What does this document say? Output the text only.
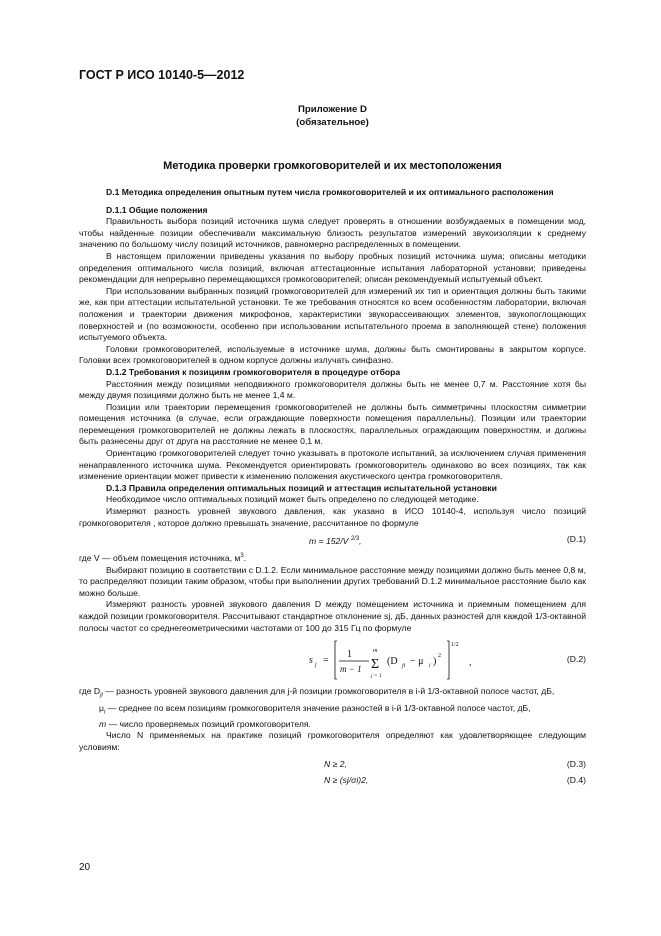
ГОСТ Р ИСО 10140-5—2012
Приложение D
(обязательное)
Методика проверки громкоговорителей и их местоположения

D.1 Методика определения опытным путем числа громкоговорителей и их оптимального расположения

D.1.1 Общие положения

Правильность выбора позиций источника шума следует проверять в отношении возбуждаемых в помещении мод, чтобы найденные позиции обеспечивали максимальную близость результатов измерений звукоизоляции к среднему значению по большому числу позиций источников, равномерно распределенных в помещении.

В настоящем приложении приведены указания по выбору пробных позиций источника шума; описаны методики определения оптимального числа позиций, включая аттестационные испытания лабораторной установки; приведены рекомендации для непрерывно перемещающихся громкоговорителей; описан рекомендуемый испытуемый объект.

При использовании выбранных позиций громкоговорителей для измерений их тип и ориентация должны быть такими же, как при аттестации испытательной установки. Те же требования относятся ко всем особенностям лаборатории, включая положения и траектории движения микрофонов, характеристики звукорассеивающих элементов, звукопоглощающих поверхностей и (по возможности, особенно при использовании испытательного проема в заполняющей стене) положения испытуемого объекта.

Головки громкоговорителей, используемые в источнике шума, должны быть смонтированы в закрытом корпусе. Головки всех громкоговорителей в одном корпусе должны излучать синфазно.

D.1.2 Требования к позициям громкоговорителя в процедуре отбора

Расстояния между позициями неподвижного громкоговорителя должны быть не менее 0,7 м. Расстояние хотя бы между двумя позициями должно быть не менее 1,4 м.

Позиции или траектории перемещения громкоговорителей не должны быть симметричны плоскостям симметрии помещения источника (в случае, если ограждающие поверхности помещения параллельны). Позиции или траектории перемещения громкоговорителей не должны лежать в плоскостях, параллельных ограждающим поверхностям, и должны быть разнесены друг от друга на расстояние не менее 0,1 м.

Ориентацию громкоговорителей следует точно указывать в протоколе испытаний, за исключением случая применения ненаправленного источника шума. Рекомендуется ориентировать громкоговоритель одинаково во всех позициях, так как изменение ориентации может привести к изменению положения акустического центра громкоговорителя.

D.1.3 Правила определения оптимальных позиций и аттестация испытательной установки

Необходимое число оптимальных позиций может быть определено по следующей методике.

Измеряют разность уровней звукового давления, как указано в ИСО 10140-4, используя число позиций громкоговорителя , которое должно превышать значение, рассчитанное по формуле

m = 152/V $^{2/3}$,	(D.1)

где V — объем помещения источника, $м^3$.

Выбирают позицию в соответствии с D.1.2. Если минимальное расстояние между позициями должно быть менее 0,8 м, то распределяют позиции таким образом, чтобы при выполнении других требований D.1.2 минимальное расстояние было как можно больше.

Измеряют разность уровней звукового давления D между помещением источника и приемным помещением для каждой позиции громкоговорителя. Рассчитывают стандартное отклонение sj, дБ, данных разностей для каждой 1/3-октавной полосы частот со среднегеометрическими частотами от 100 до 315 Гц по формуле

s j =
1
m − 1
m
Σ
j = 1
(D ji − μ i ) 2
1/2
,	(D.2)
где $D_{ji}$ — разность уровней звукового давления для j-й позиции громкоговорителя в i-й 1/3-октавной полосе частот, дБ,
$\mu_i$ — среднее по всем позициям громкоговорителя значение разностей в i-й 1/3-октавной полосе частот, дБ,
m — число проверяемых позиций громкоговорителя.

Число N применяемых на практике позиций громкоговорителя определяют как удовлетворяющее следующим условиям:

N ≥ 2,	(D.3)
N ≥ (sj/σi)2,	(D.4)
20
